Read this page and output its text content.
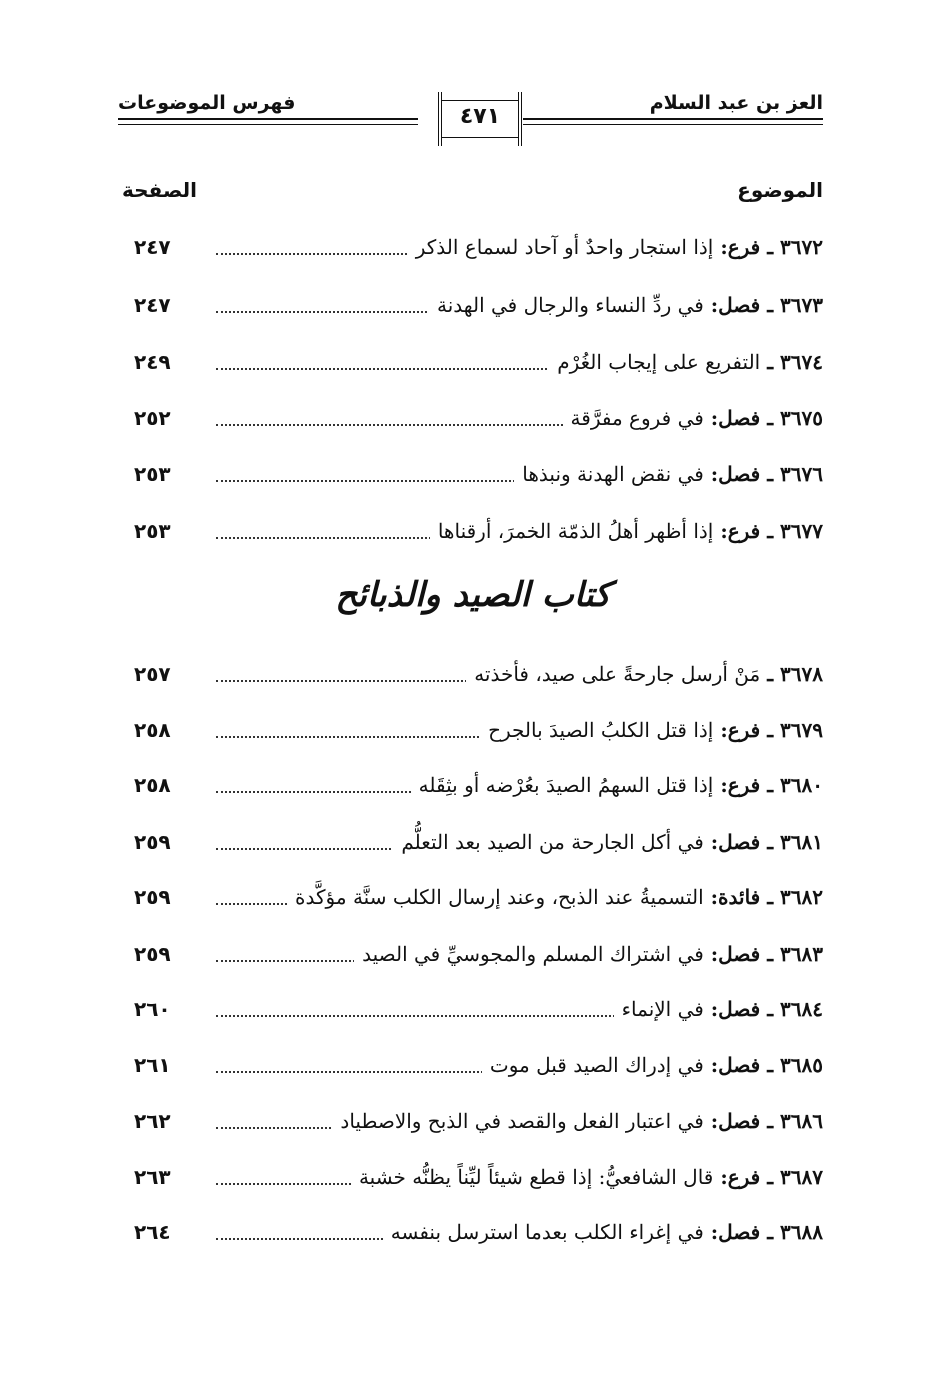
العز بن عبد السلام
فهرس الموضوعات
٤٧١
الموضوع
الصفحة
٣٦٧٢ ـ فرع: إذا استجار واحدٌ أو آحاد لسماع الذكر
٢٤٧
٣٦٧٣ ـ فصل: في ردِّ النساء والرجال في الهدنة
٢٤٧
٣٦٧٤ ـ التفريع على إيجاب الغُرْم
٢٤٩
٣٦٧٥ ـ فصل: في فروع مفرَّقة
٢٥٢
٣٦٧٦ ـ فصل: في نقض الهدنة ونبذها
٢٥٣
٣٦٧٧ ـ فرع: إذا أظهر أهلُ الذمّة الخمرَ، أرقناها
٢٥٣
كتاب الصيد والذبائح
٣٦٧٨ ـ مَنْ أرسل جارحةً على صيد، فأخذته
٢٥٧
٣٦٧٩ ـ فرع: إذا قتل الكلبُ الصيدَ بالجرح
٢٥٨
٣٦٨٠ ـ فرع: إذا قتل السهمُ الصيدَ بعُرْضه أو بثِقَله
٢٥٨
٣٦٨١ ـ فصل: في أكل الجارحة من الصيد بعد التعلُّم
٢٥٩
٣٦٨٢ ـ فائدة: التسميةُ عند الذبح، وعند إرسال الكلب سنَّة مؤكَّدة
٢٥٩
٣٦٨٣ ـ فصل: في اشتراك المسلم والمجوسيِّ في الصيد
٢٥٩
٣٦٨٤ ـ فصل: في الإنماء
٢٦٠
٣٦٨٥ ـ فصل: في إدراك الصيد قبل موت
٢٦١
٣٦٨٦ ـ فصل: في اعتبار الفعل والقصد في الذبح والاصطياد
٢٦٢
٣٦٨٧ ـ فرع: قال الشافعيُّ: إذا قطع شيئاً ليِّناً يظنُّه خشبة
٢٦٣
٣٦٨٨ ـ فصل: في إغراء الكلب بعدما استرسل بنفسه
٢٦٤
